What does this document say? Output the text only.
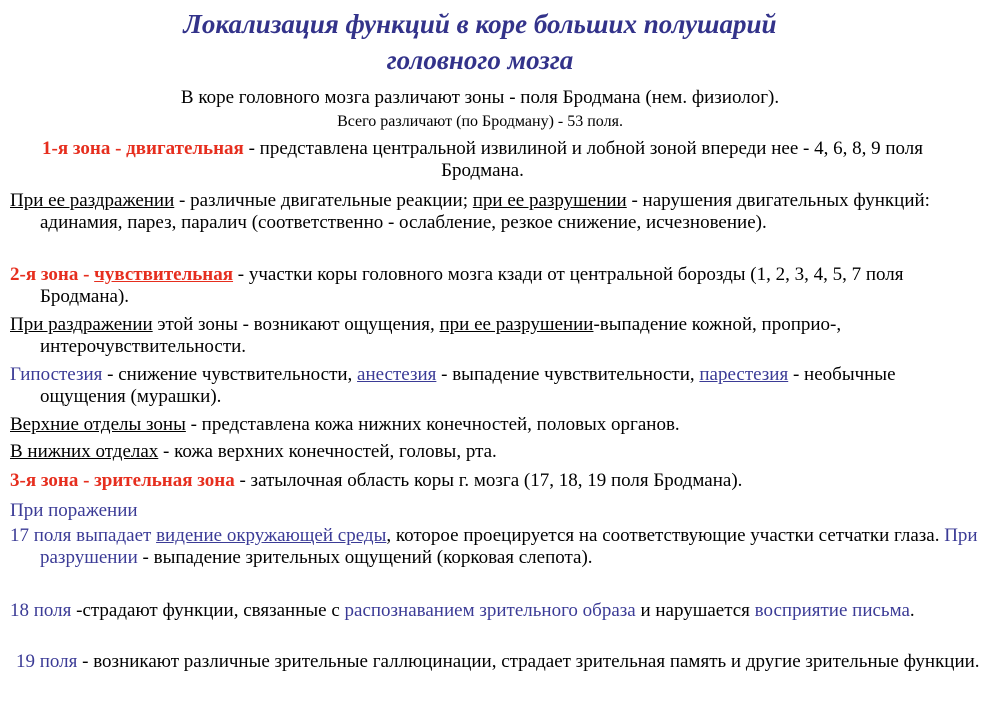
Локализация функций в коре больших полушарий
головного мозга
В коре головного мозга различают зоны - поля Бродмана (нем. физиолог).
Всего различают (по Бродману) - 53 поля.
1-я зона - двигательная - представлена центральной извилиной и лобной зоной впереди нее - 4, 6, 8, 9 поля Бродмана.
При ее раздражении - различные двигательные реакции; при ее разрушении - нарушения двигательных функций: адинамия, парез, паралич (соответственно - ослабление, резкое снижение, исчезновение).
2-я зона - чувствительная - участки коры головного мозга кзади от центральной борозды (1, 2, 3, 4, 5, 7 поля Бродмана).
При раздражении этой зоны - возникают ощущения, при ее разрушении-выпадение кожной, проприо-, интерочувствительности.
Гипостезия - снижение чувствительности, анестезия - выпадение чувствительности, парестезия - необычные ощущения (мурашки).
Верхние отделы зоны - представлена кожа нижних конечностей, половых органов.
В нижних отделах - кожа верхних конечностей, головы, рта.
3-я зона - зрительная зона - затылочная область коры г. мозга (17, 18, 19 поля Бродмана).
При поражении
17 поля выпадает видение окружающей среды, которое проецируется на соответствующие участки сетчатки глаза. При разрушении - выпадение зрительных ощущений (корковая слепота).
18 поля -страдают функции, связанные с распознаванием зрительного образа и нарушается восприятие письма.
19 поля - возникают различные зрительные галлюцинации, страдает зрительная память и другие зрительные функции.
